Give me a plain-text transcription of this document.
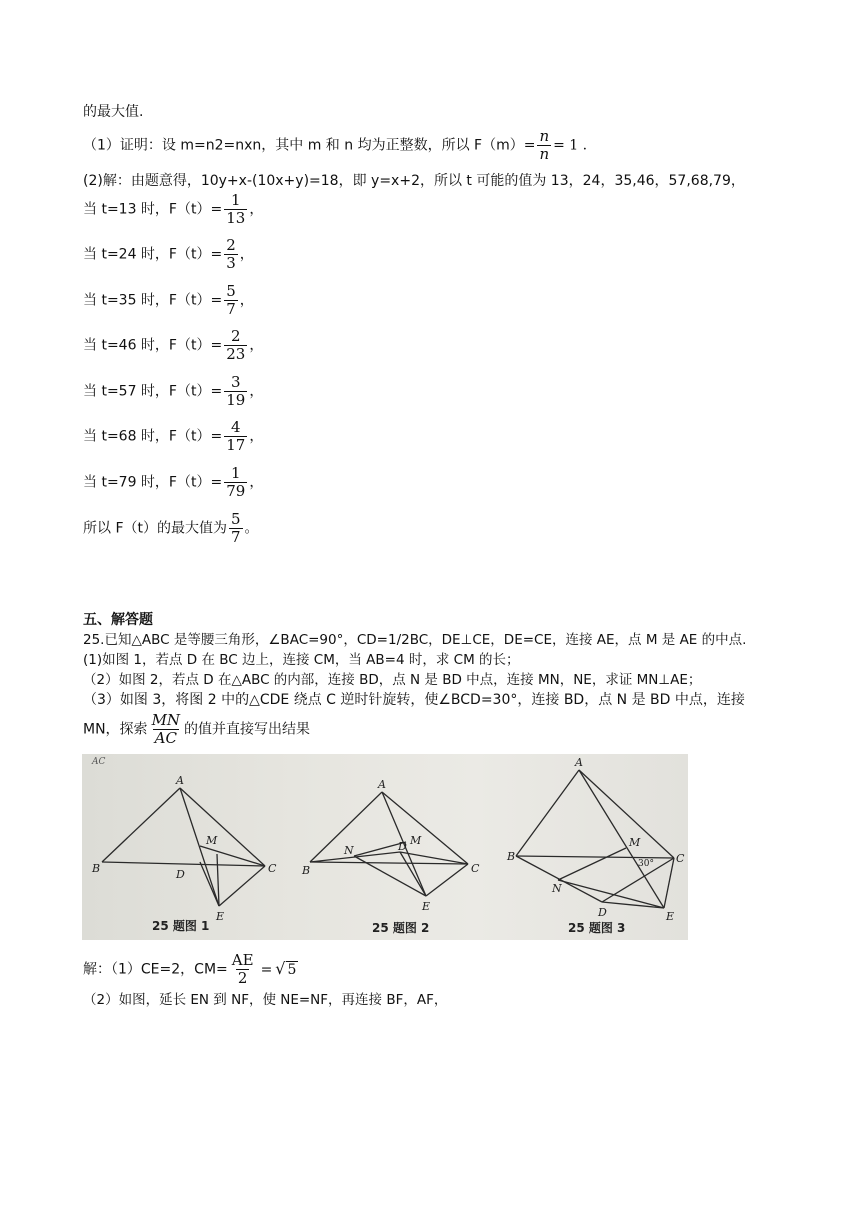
的最大值.
（1）证明：设 m=n2=nxn，其中 m 和 n 均为正整数，所以 $F(m)= \frac{n}{n} = 1$ .
(2)解：由题意得，10y+x-(10x+y)=18，即 y=x+2，所以 t 可能的值为 13，24，35,46，57,68,79，
当 t=13 时，$F(t)= \frac{1}{13}$ ，
当 t=24 时，$F(t)= \frac{2}{3}$ ，
当 t=35 时，$F(t)= \frac{5}{7}$ ，
当 t=46 时，$F(t)= \frac{2}{23}$ ，
当 t=57 时，$F(t)= \frac{3}{19}$ ，
当 t=68 时，$F(t)= \frac{4}{17}$ ，
当 t=79 时，$F(t)= \frac{1}{79}$ ，
所以 F（t）的最大值为 $\frac{5}{7}$ 。
五、解答题
25.已知△ABC 是等腰三角形，∠BAC=90°，CD=1/2BC，DE⊥CE，DE=CE，连接 AE，点 M 是 AE 的中点.
(1)如图 1，若点 D 在 BC 边上，连接 CM，当 AB=4 时，求 CM 的长；
（2）如图 2，若点 D 在△ABC 的内部，连接 BD，点 N 是 BD 中点，连接 MN，NE，求证 MN⊥AE；
（3）如图 3，将图 2 中的△CDE 绕点 C 逆时针旋转，使∠BCD=30°，连接 BD，点 N 是 BD 中点，连接
MN，探索 $\frac{MN}{AC}$ 的值并直接写出结果
AC
A
B	C
D
E
M
A
B	C
D
E
M
N
A
B	C
D	E
M
N
30°
25 题图 1	25 题图 2	25 题图 3
解：（1）CE=2，$CM= \frac{AE}{2}$ = √ 5
（2）如图，延长 EN 到 NF，使 NE=NF，再连接 BF，AF，
